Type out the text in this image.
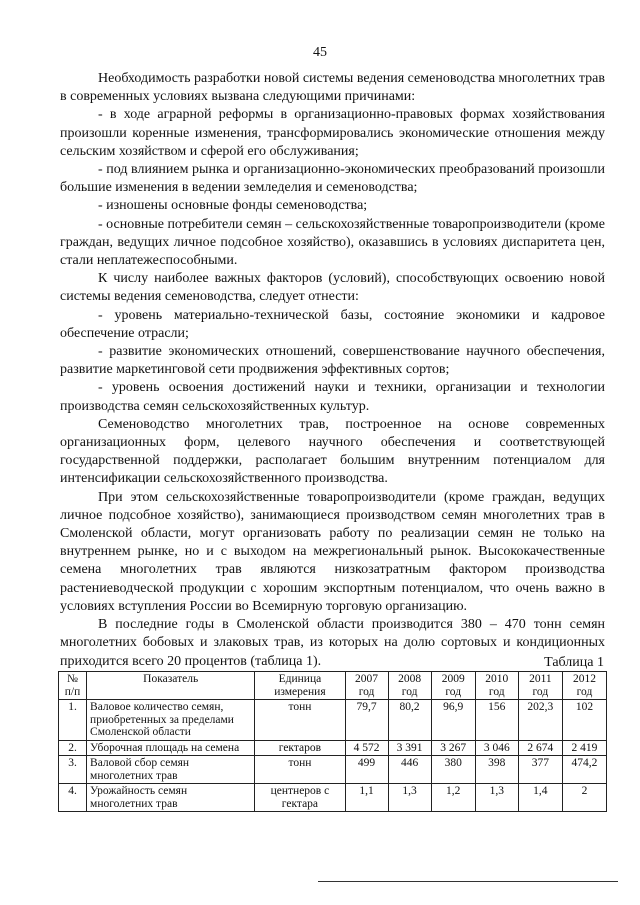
45

Необходимость разработки новой системы ведения семеноводства многолетних трав в современных условиях вызвана следующими причинами:

- в ходе аграрной реформы в организационно-правовых формах хозяйствования произошли коренные изменения, трансформировались экономические отношения между сельским хозяйством и сферой его обслуживания;

- под влиянием рынка и организационно-экономических преобразований произошли большие изменения в ведении земледелия и семеноводства;

- изношены основные фонды семеноводства;

- основные потребители семян – сельскохозяйственные товаропроизводители (кроме граждан, ведущих личное подсобное хозяйство), оказавшись в условиях диспаритета цен, стали неплатежеспособными.

К числу наиболее важных факторов (условий), способствующих освоению новой системы ведения семеноводства, следует отнести:

- уровень материально-технической базы, состояние экономики и кадровое обеспечение отрасли;

- развитие экономических отношений, совершенствование научного обеспечения, развитие маркетинговой сети продвижения эффективных сортов;

- уровень освоения достижений науки и техники, организации и технологии производства семян сельскохозяйственных культур.

Семеноводство многолетних трав, построенное на основе современных организационных форм, целевого научного обеспечения и соответствующей государственной поддержки, располагает большим внутренним потенциалом для интенсификации сельскохозяйственного производства.

При этом сельскохозяйственные товаропроизводители (кроме граждан, ведущих личное подсобное хозяйство), занимающиеся производством семян многолетних трав в Смоленской области, могут организовать работу по реализации семян не только на внутреннем рынке, но и с выходом на межрегиональный рынок. Высококачественные семена многолетних трав являются низкозатратным фактором производства растениеводческой продукции с хорошим экспортным потенциалом, что очень важно в условиях вступления России во Всемирную торговую организацию.

В последние годы в Смоленской области производится 380 – 470 тонн семян многолетних бобовых и злаковых трав, из которых на долю сортовых и кондиционных приходится всего 20 процентов (таблица 1).	Таблица 1
№ п/п	Показатель	Единица измерения	2007 год	2008 год	2009 год	2010 год	2011 год	2012 год
1.	Валовое количество семян, приобретенных за пределами Смоленской области	тонн	79,7	80,2	96,9	156	202,3	102
2.	Уборочная площадь на семена	гектаров	4 572	3 391	3 267	3 046	2 674	2 419
3.	Валовой сбор семян многолетних трав	тонн	499	446	380	398	377	474,2
4.	Урожайность семян многолетних трав	центнеров с гектара	1,1	1,3	1,2	1,3	1,4	2
